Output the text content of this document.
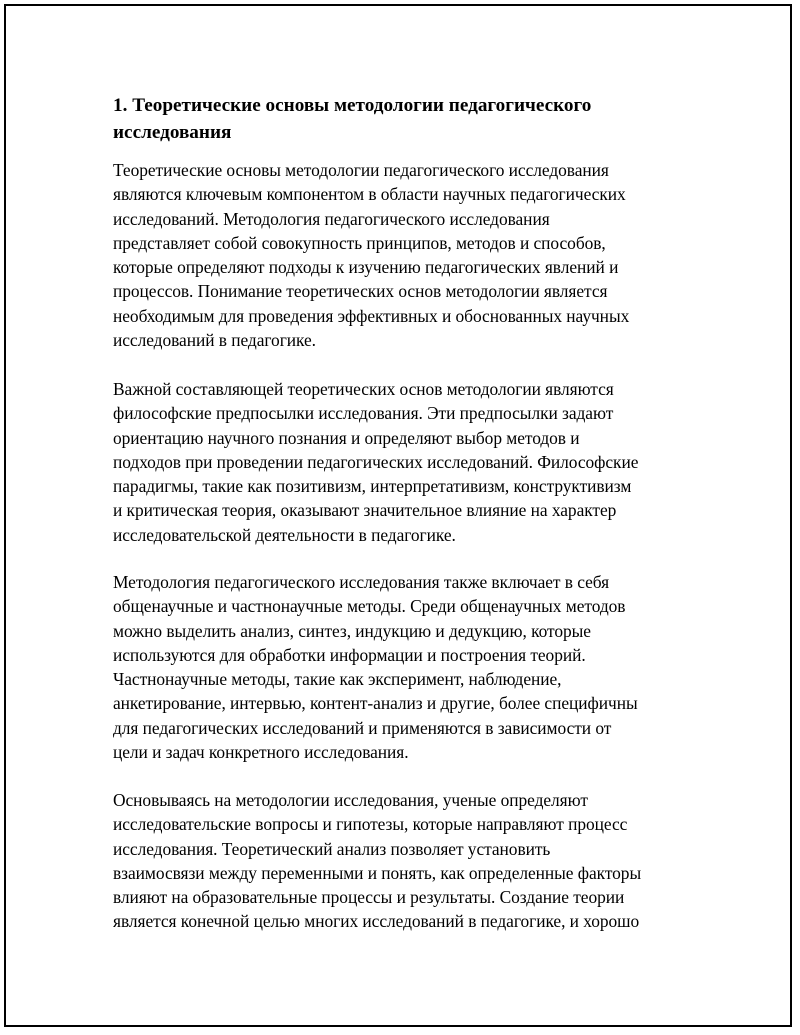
1. Теоретические основы методологии педагогического
исследования

Теоретические основы методологии педагогического исследования
являются ключевым компонентом в области научных педагогических
исследований. Методология педагогического исследования
представляет собой совокупность принципов, методов и способов,
которые определяют подходы к изучению педагогических явлений и
процессов. Понимание теоретических основ методологии является
необходимым для проведения эффективных и обоснованных научных
исследований в педагогике.

Важной составляющей теоретических основ методологии являются
философские предпосылки исследования. Эти предпосылки задают
ориентацию научного познания и определяют выбор методов и
подходов при проведении педагогических исследований. Философские
парадигмы, такие как позитивизм, интерпретативизм, конструктивизм
и критическая теория, оказывают значительное влияние на характер
исследовательской деятельности в педагогике.

Методология педагогического исследования также включает в себя
общенаучные и частнонаучные методы. Среди общенаучных методов
можно выделить анализ, синтез, индукцию и дедукцию, которые
используются для обработки информации и построения теорий.
Частнонаучные методы, такие как эксперимент, наблюдение,
анкетирование, интервью, контент-анализ и другие, более специфичны
для педагогических исследований и применяются в зависимости от
цели и задач конкретного исследования.

Основываясь на методологии исследования, ученые определяют
исследовательские вопросы и гипотезы, которые направляют процесс
исследования. Теоретический анализ позволяет установить
взаимосвязи между переменными и понять, как определенные факторы
влияют на образовательные процессы и результаты. Создание теории
является конечной целью многих исследований в педагогике, и хорошо
